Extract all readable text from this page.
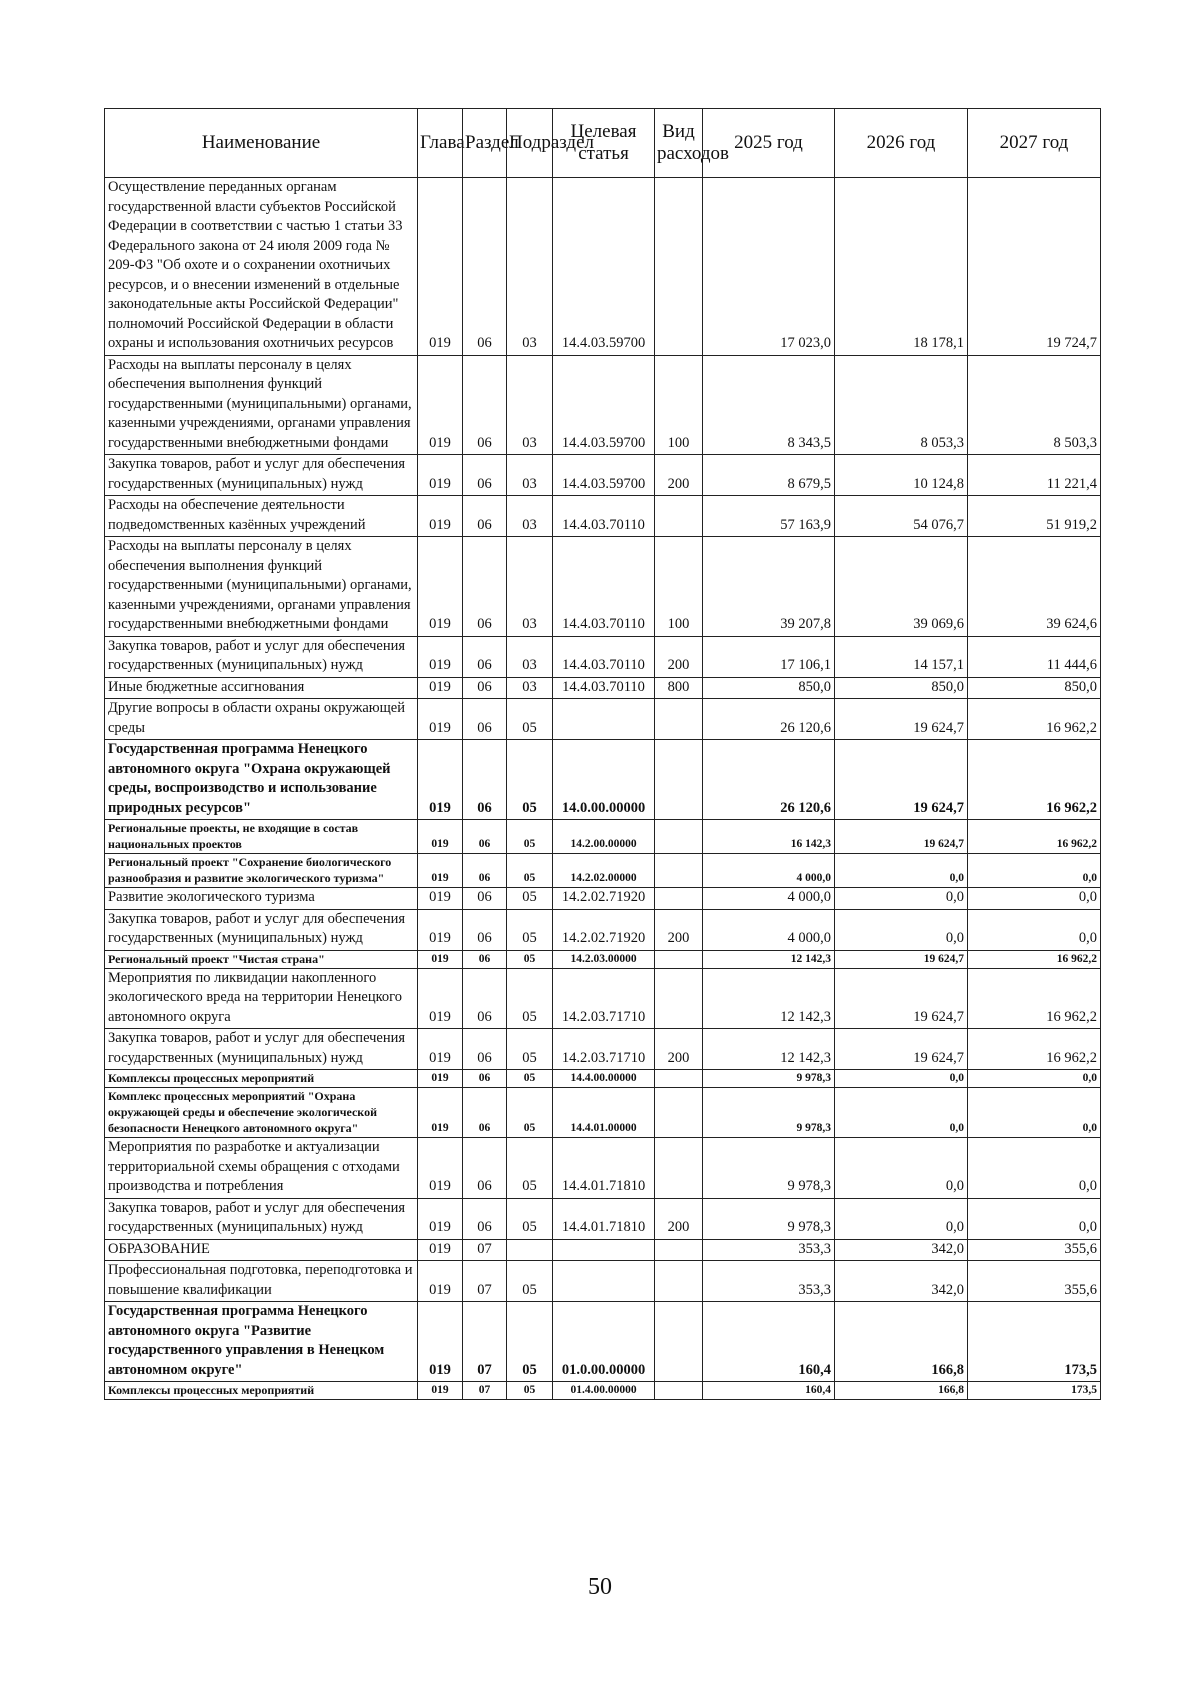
Наименование	Глава	Раздел	Подраздел	Целевая статья	Вид расходов	2025 год	2026 год	2027 год
Осуществление переданных органам государственной власти субъектов Российской Федерации в соответствии с частью 1 статьи 33 Федерального закона от 24 июля 2009 года № 209-ФЗ "Об охоте и о сохранении охотничьих ресурсов, и о внесении изменений в отдельные законодательные акты Российской Федерации" полномочий Российской Федерации в области охраны и использования охотничьих ресурсов	019	06	03	14.4.03.59700		17 023,0	18 178,1	19 724,7
Расходы на выплаты персоналу в целях обеспечения выполнения функций государственными (муниципальными) органами, казенными учреждениями, органами управления государственными внебюджетными фондами	019	06	03	14.4.03.59700	100	8 343,5	8 053,3	8 503,3
Закупка товаров, работ и услуг для обеспечения государственных (муниципальных) нужд	019	06	03	14.4.03.59700	200	8 679,5	10 124,8	11 221,4
Расходы на обеспечение деятельности подведомственных казённых учреждений	019	06	03	14.4.03.70110		57 163,9	54 076,7	51 919,2
Расходы на выплаты персоналу в целях обеспечения выполнения функций государственными (муниципальными) органами, казенными учреждениями, органами управления государственными внебюджетными фондами	019	06	03	14.4.03.70110	100	39 207,8	39 069,6	39 624,6
Закупка товаров, работ и услуг для обеспечения государственных (муниципальных) нужд	019	06	03	14.4.03.70110	200	17 106,1	14 157,1	11 444,6
Иные бюджетные ассигнования	019	06	03	14.4.03.70110	800	850,0	850,0	850,0
Другие вопросы в области охраны окружающей среды	019	06	05			26 120,6	19 624,7	16 962,2
Государственная программа Ненецкого автономного округа "Охрана окружающей среды, воспроизводство и использование природных ресурсов"	019	06	05	14.0.00.00000		26 120,6	19 624,7	16 962,2
Региональные проекты, не входящие в состав национальных проектов	019	06	05	14.2.00.00000		16 142,3	19 624,7	16 962,2
Региональный проект "Сохранение биологического разнообразия и развитие экологического туризма"	019	06	05	14.2.02.00000		4 000,0	0,0	0,0
Развитие экологического туризма	019	06	05	14.2.02.71920		4 000,0	0,0	0,0
Закупка товаров, работ и услуг для обеспечения государственных (муниципальных) нужд	019	06	05	14.2.02.71920	200	4 000,0	0,0	0,0
Региональный проект "Чистая страна"	019	06	05	14.2.03.00000		12 142,3	19 624,7	16 962,2
Мероприятия по ликвидации накопленного экологического вреда на территории Ненецкого автономного округа	019	06	05	14.2.03.71710		12 142,3	19 624,7	16 962,2
Закупка товаров, работ и услуг для обеспечения государственных (муниципальных) нужд	019	06	05	14.2.03.71710	200	12 142,3	19 624,7	16 962,2
Комплексы процессных мероприятий	019	06	05	14.4.00.00000		9 978,3	0,0	0,0
Комплекс процессных мероприятий "Охрана окружающей среды и обеспечение экологической безопасности Ненецкого автономного округа"	019	06	05	14.4.01.00000		9 978,3	0,0	0,0
Мероприятия по разработке и актуализации территориальной схемы обращения с отходами производства и потребления	019	06	05	14.4.01.71810		9 978,3	0,0	0,0
Закупка товаров, работ и услуг для обеспечения государственных (муниципальных) нужд	019	06	05	14.4.01.71810	200	9 978,3	0,0	0,0
ОБРАЗОВАНИЕ	019	07				353,3	342,0	355,6
Профессиональная подготовка, переподготовка и повышение квалификации	019	07	05			353,3	342,0	355,6
Государственная программа Ненецкого автономного округа "Развитие государственного управления в Ненецком автономном округе"	019	07	05	01.0.00.00000		160,4	166,8	173,5
Комплексы процессных мероприятий	019	07	05	01.4.00.00000		160,4	166,8	173,5
50
